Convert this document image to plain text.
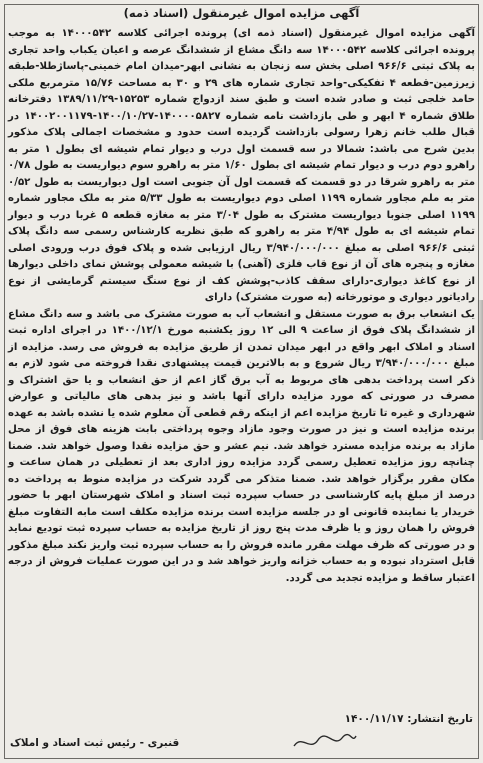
آگهی مزایده اموال غیرمنقول (اسناد ذمه)

آگهی مزایده اموال غیرمنقول (اسناد ذمه ای) پرونده اجرائی کلاسه ۱۴۰۰۰۵۴۲ به موجب پرونده اجرائی کلاسه ۱۴۰۰۰۵۴۲ سه دانگ مشاع از ششدانگ عرصه و اعیان یکباب واحد تجاری به پلاک ثبتی ۹۶۶/۶ اصلی بخش سه زنجان به نشانی ابهر-میدان امام خمینی-پاساژطلا-طبقه زیرزمین-قطعه ۴ تفکیکی-واحد تجاری شماره های ۲۹ و ۳۰ به مساحت ۱۵/۷۶ مترمربع ملکی حامد خلجی ثبت و صادر شده است و طبق سند ازدواج شماره ۱۵۲۵۳-۱۳۸۹/۱۱/۲۹ دفترخانه طلاق شماره ۴ ابهر و طی بازداشت نامه شماره ۱۴۰۰۰۰۵۸۲۷-۱۴۰۰/۱۰/۲۷-۱۴۰۰۲۰۰۱۱۷۹ در قبال طلب خانم زهرا رسولی بازداشت گردیده است حدود و مشخصات اجمالی پلاک مذکور بدین شرح می باشد: شمالا در سه قسمت اول درب و دیوار تمام شیشه ای بطول ۱ متر به راهرو دوم درب و دیوار تمام شیشه ای بطول ۱/۶۰ متر به راهرو سوم دیواریست به طول ۰/۷۸ متر به راهرو شرقا در دو قسمت که قسمت اول آن جنوبی است اول دیواریست به طول ۰/۵۲ متر به ملم مجاور شماره ۱۱۹۹ اصلی دوم دیواریست به طول ۵/۳۳ متر به ملک مجاور شماره ۱۱۹۹ اصلی جنوبا دیواریست مشترک به طول ۳/۰۴ متر به مغازه قطعه ۵ غربا درب و دیوار تمام شیشه ای به طول ۴/۹۴ متر به راهرو که طبق نظریه کارشناس رسمی سه دانگ پلاک ثبتی ۹۶۶/۶ اصلی به مبلغ ۳/۹۴۰/۰۰۰/۰۰۰ ریال ارزیابی شده و پلاک فوق درب ورودی اصلی مغازه و پنجره های آن از نوع قاب فلزی (آهنی) با شیشه معمولی پوشش نمای داخلی دیوارها از نوع کاغذ دیواری-دارای سقف کاذب-پوشش کف از نوع سنگ سیستم گرمایشی از نوع رادیاتور دیواری و موتورخانه (به صورت مشترک) دارای

یک انشعاب برق به صورت مستقل و انشعاب آب به صورت مشترک می باشد و سه دانگ مشاع از ششدانگ پلاک فوق از ساعت ۹ الی ۱۲ روز یکشنبه مورخ ۱۴۰۰/۱۲/۱ در اجرای اداره ثبت اسناد و املاک ابهر واقع در ابهر میدان تمدن از طریق مزایده به فروش می رسد. مزایده از مبلغ ۳/۹۴۰/۰۰۰/۰۰۰ ریال شروع و به بالاترین قیمت پیشنهادی نقدا فروخته می شود لازم به ذکر است پرداخت بدهی های مربوط به آب برق گاز اعم از حق انشعاب و یا حق اشتراک و مصرف در صورتی که مورد مزایده دارای آنها باشد و نیز بدهی های مالیاتی و عوارض شهرداری و غیره تا تاریخ مزایده اعم از اینکه رقم قطعی آن معلوم شده یا نشده باشد به عهده برنده مزایده است و نیز در صورت وجود مازاد وجوه پرداختی بابت هزینه های فوق از محل مازاد به برنده مزایده مسترد خواهد شد. نیم عشر و حق مزایده نقدا وصول خواهد شد. ضمنا چنانچه روز مزایده تعطیل رسمی گردد مزایده روز اداری بعد از تعطیلی در همان ساعت و مکان مقرر برگزار خواهد شد. ضمنا متذکر می گردد شرکت در مزایده منوط به پرداخت ده درصد از مبلغ پایه کارشناسی در حساب سپرده ثبت اسناد و املاک شهرستان ابهر با حضور خریدار یا نماینده قانونی او در جلسه مزایده است برنده مزایده مکلف است مابه التفاوت مبلغ فروش را همان روز و یا ظرف مدت پنج روز از تاریخ مزایده به حساب سپرده ثبت تودیع نماید و در صورتی که ظرف مهلت مقرر مانده فروش را به حساب سپرده ثبت واریز نکند مبلغ مذکور قابل استرداد نبوده و به حساب خزانه واریز خواهد شد و در این صورت عملیات فروش از درجه اعتبار ساقط و مزایده تجدید می گردد.

تاریخ انتشار: ۱۴۰۰/۱۱/۱۷
قنبری - رئیس ثبت اسناد و املاک
